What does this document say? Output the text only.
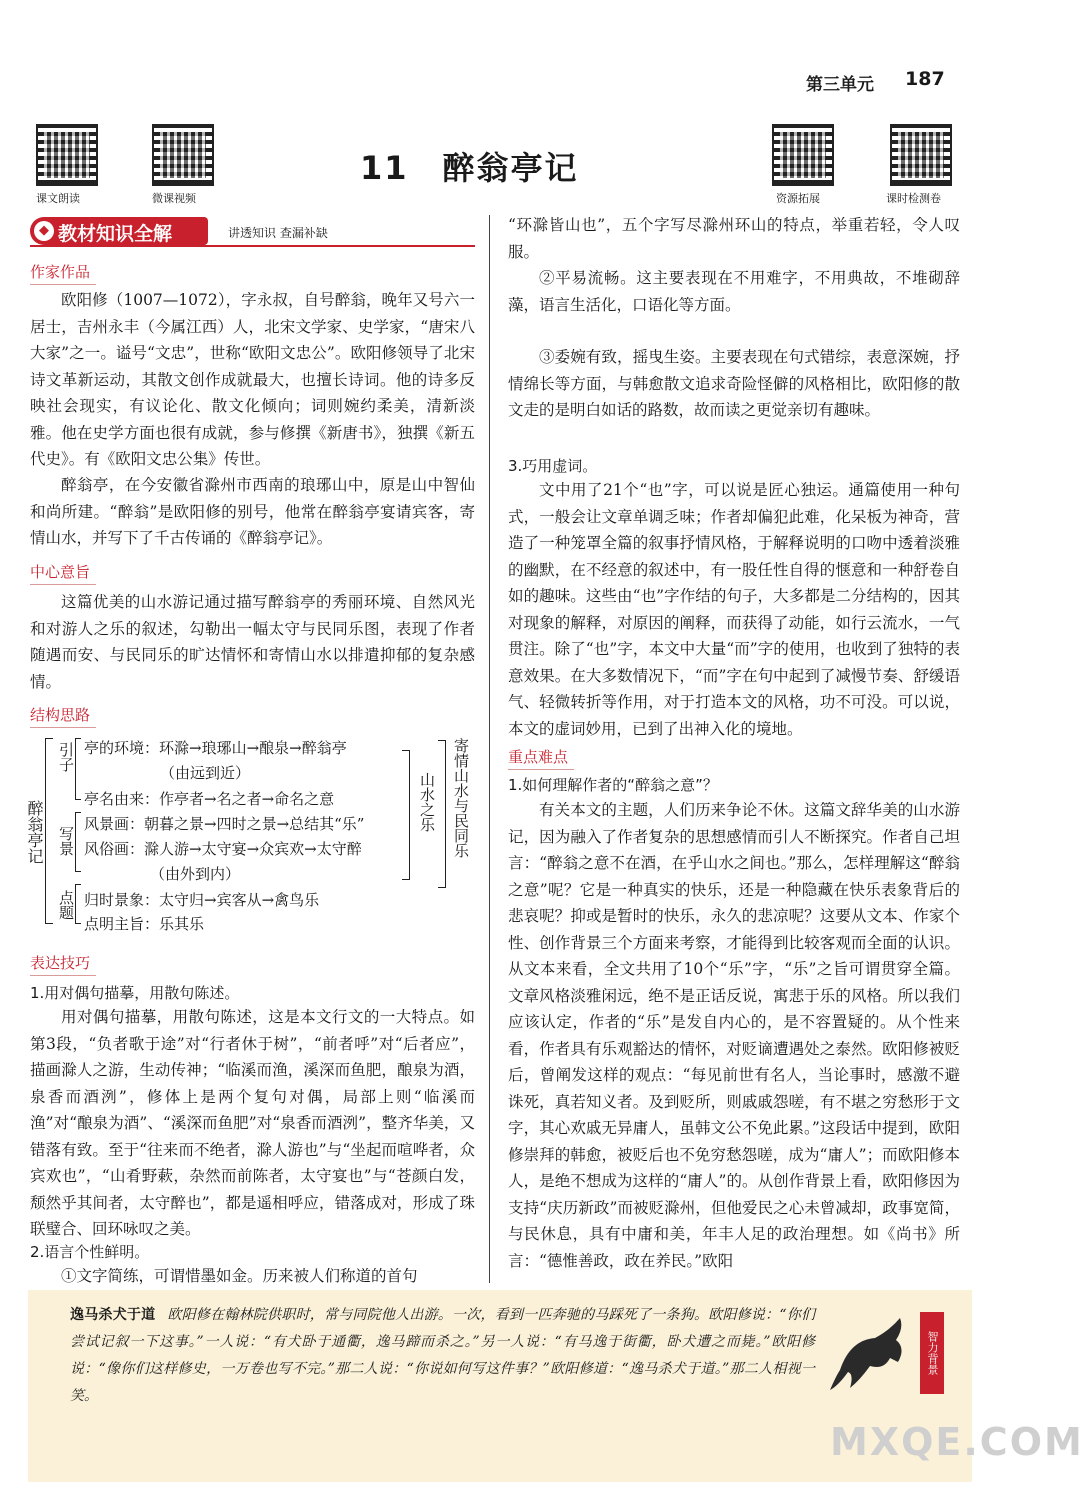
第三单元 187
课文朗读	微课视频	资源拓展	课时检测卷
11　醉翁亭记
◆ 教材知识全解	讲透知识 查漏补缺
作家作品
欧阳修（1007—1072），字永叔，自号醉翁，晚年又号六一居士，吉州永丰（今属江西）人，北宋文学家、史学家，“唐宋八大家”之一。谥号“文忠”，世称“欧阳文忠公”。欧阳修领导了北宋诗文革新运动，其散文创作成就最大，也擅长诗词。他的诗多反映社会现实，有议论化、散文化倾向；词则婉约柔美，清新淡雅。他在史学方面也很有成就，参与修撰《新唐书》，独撰《新五代史》。有《欧阳文忠公集》传世。
醉翁亭，在今安徽省滁州市西南的琅琊山中，原是山中智仙和尚所建。“醉翁”是欧阳修的别号，他常在醉翁亭宴请宾客，寄情山水，并写下了千古传诵的《醉翁亭记》。
中心意旨
这篇优美的山水游记通过描写醉翁亭的秀丽环境、自然风光和对游人之乐的叙述，勾勒出一幅太守与民同乐图，表现了作者随遇而安、与民同乐的旷达情怀和寄情山水以排遣抑郁的复杂感情。
结构思路
醉翁亭记
引子
写景
点题
亭的环境：环滁→琅琊山→酿泉→醉翁亭
（由远到近）
亭名由来：作亭者→名之者→命名之意
风景画：朝暮之景→四时之景→总结其“乐”
风俗画：滁人游→太守宴→众宾欢→太守醉
（由外到内）
归时景象：太守归→宾客从→禽鸟乐
点明主旨：乐其乐
山水之乐 寄情山水与民同乐
表达技巧
1.用对偶句描摹，用散句陈述。
用对偶句描摹，用散句陈述，这是本文行文的一大特点。如第3段，“负者歌于途”对“行者休于树”，“前者呼”对“后者应”，描画滁人之游，生动传神；“临溪而渔，溪深而鱼肥，酿泉为酒，泉香而酒洌”，修体上是两个复句对偶，局部上则“临溪而渔”对“酿泉为酒”、“溪深而鱼肥”对“泉香而酒洌”，整齐华美，又错落有致。至于“往来而不绝者，滁人游也”与“坐起而喧哗者，众宾欢也”，“山肴野蔌，杂然而前陈者，太守宴也”与“苍颜白发，颓然乎其间者，太守醉也”，都是遥相呼应，错落成对，形成了珠联璧合、回环咏叹之美。
2.语言个性鲜明。
①文字简练，可谓惜墨如金。历来被人们称道的首句
“环滁皆山也”，五个字写尽滁州环山的特点，举重若轻，令人叹服。
②平易流畅。这主要表现在不用难字，不用典故，不堆砌辞藻，语言生活化，口语化等方面。
③委婉有致，摇曳生姿。主要表现在句式错综，表意深婉，抒情绵长等方面，与韩愈散文追求奇险怪僻的风格相比，欧阳修的散文走的是明白如话的路数，故而读之更觉亲切有趣味。
3.巧用虚词。
文中用了21个“也”字，可以说是匠心独运。通篇使用一种句式，一般会让文章单调乏味；作者却偏犯此难，化呆板为神奇，营造了一种笼罩全篇的叙事抒情风格，于解释说明的口吻中透着淡雅的幽默，在不经意的叙述中，有一股任性自得的惬意和一种舒卷自如的趣味。这些由“也”字作结的句子，大多都是二分结构的，因其对现象的解释，对原因的阐释，而获得了动能，如行云流水，一气贯注。除了“也”字，本文中大量“而”字的使用，也收到了独特的表意效果。在大多数情况下，“而”字在句中起到了减慢节奏、舒缓语气、轻微转折等作用，对于打造本文的风格，功不可没。可以说，本文的虚词妙用，已到了出神入化的境地。
重点难点
1.如何理解作者的“醉翁之意”？
有关本文的主题，人们历来争论不休。这篇文辞华美的山水游记，因为融入了作者复杂的思想感情而引人不断探究。作者自己坦言：“醉翁之意不在酒，在乎山水之间也。”那么，怎样理解这“醉翁之意”呢？它是一种真实的快乐，还是一种隐藏在快乐表象背后的悲哀呢？抑或是暂时的快乐，永久的悲凉呢？这要从文本、作家个性、创作背景三个方面来考察，才能得到比较客观而全面的认识。从文本来看，全文共用了10个“乐”字，“乐”之旨可谓贯穿全篇。文章风格淡雅闲远，绝不是正话反说，寓悲于乐的风格。所以我们应该认定，作者的“乐”是发自内心的，是不容置疑的。从个性来看，作者具有乐观豁达的情怀，对贬谪遭遇处之泰然。欧阳修被贬后，曾阐发这样的观点：“每见前世有名人，当论事时，感激不避诛死，真若知义者。及到贬所，则戚戚怨嗟，有不堪之穷愁形于文字，其心欢戚无异庸人，虽韩文公不免此累。”这段话中提到，欧阳修崇拜的韩愈，被贬后也不免穷愁怨嗟，成为“庸人”；而欧阳修本人，是绝不想成为这样的“庸人”的。从创作背景上看，欧阳修因为支持“庆历新政”而被贬滁州，但他爱民之心未曾减却，政事宽简，与民休息，具有中庸和美，年丰人足的政治理想。如《尚书》所言：“德惟善政，政在养民。”欧阳
逸马杀犬于道 欧阳修在翰林院供职时，常与同院他人出游。一次，看到一匹奔驰的马踩死了一条狗。欧阳修说：“你们尝试记叙一下这事。”一人说：“有犬卧于通衢，逸马蹄而杀之。”另一人说：“有马逸于街衢，卧犬遭之而毙。”欧阳修说：“像你们这样修史，一万卷也写不完。”那二人说：“你说如何写这件事？”欧阳修道：“逸马杀犬于道。”那二人相视一笑。
智力背景
MXQE.COM
